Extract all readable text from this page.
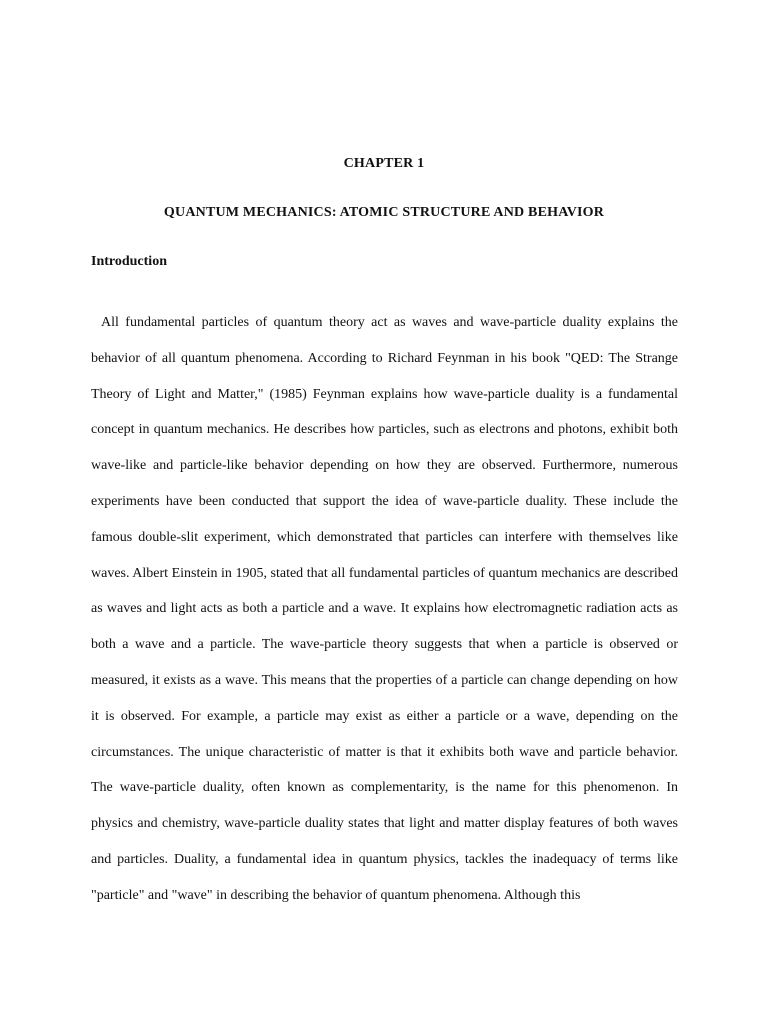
CHAPTER 1
QUANTUM MECHANICS: ATOMIC STRUCTURE AND BEHAVIOR
Introduction

All fundamental particles of quantum theory act as waves and wave-particle duality explains the behavior of all quantum phenomena. According to Richard Feynman in his book "QED: The Strange Theory of Light and Matter," (1985) Feynman explains how wave-particle duality is a fundamental concept in quantum mechanics. He describes how particles, such as electrons and photons, exhibit both wave-like and particle-like behavior depending on how they are observed. Furthermore, numerous experiments have been conducted that support the idea of wave-particle duality. These include the famous double-slit experiment, which demonstrated that particles can interfere with themselves like waves. Albert Einstein in 1905, stated that all fundamental particles of quantum mechanics are described as waves and light acts as both a particle and a wave. It explains how electromagnetic radiation acts as both a wave and a particle. The wave-particle theory suggests that when a particle is observed or measured, it exists as a wave. This means that the properties of a particle can change depending on how it is observed. For example, a particle may exist as either a particle or a wave, depending on the circumstances. The unique characteristic of matter is that it exhibits both wave and particle behavior. The wave-particle duality, often known as complementarity, is the name for this phenomenon. In physics and chemistry, wave-particle duality states that light and matter display features of both waves and particles. Duality, a fundamental idea in quantum physics, tackles the inadequacy of terms like "particle" and "wave" in describing the behavior of quantum phenomena. Although this
